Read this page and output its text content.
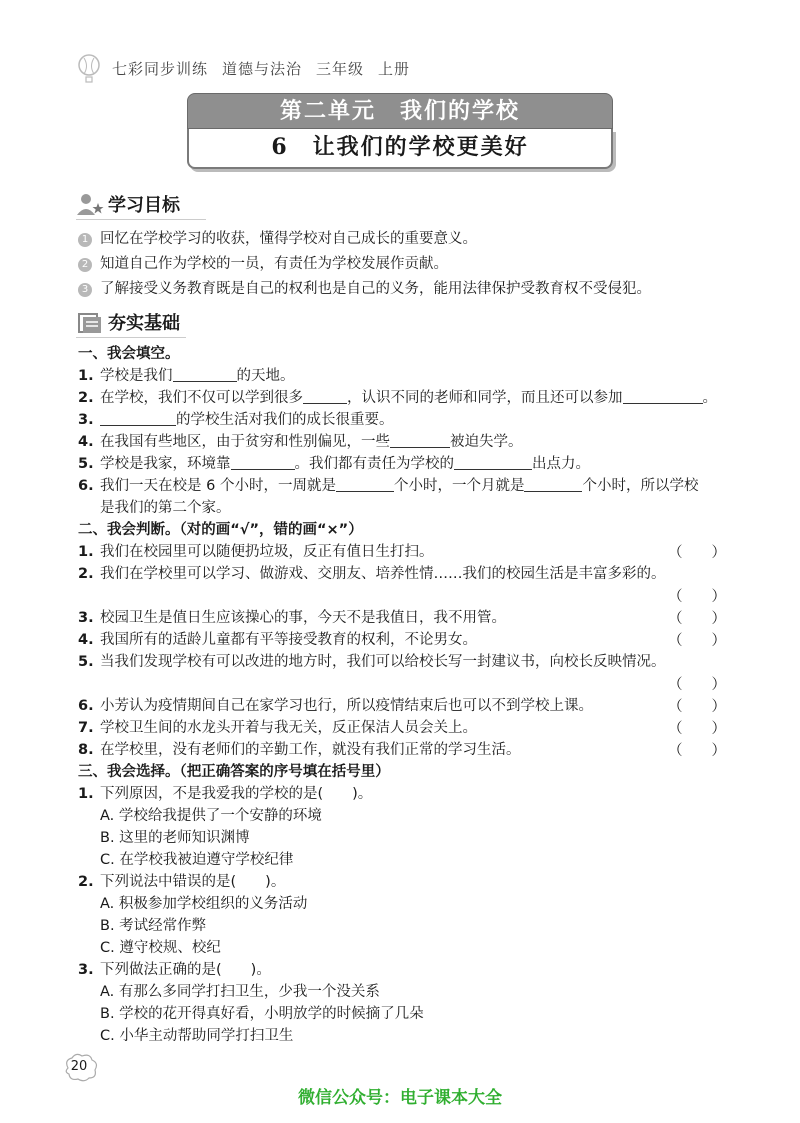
七彩同步训练 道德与法治 三年级 上册
第二单元　我们的学校
6　让我们的学校更美好
学习目标
1 回忆在学校学习的收获，懂得学校对自己成长的重要意义。
2 知道自己作为学校的一员，有责任为学校发展作贡献。
3 了解接受义务教育既是自己的权利也是自己的义务，能用法律保护受教育权不受侵犯。
夯实基础
一、我会填空。
1. 学校是我们	的天地。
2. 在学校，我们不仅可以学到很多	，认识不同的老师和同学，而且还可以参加	。
3.	的学校生活对我们的成长很重要。
4. 在我国有些地区，由于贫穷和性别偏见，一些	被迫失学。
5. 学校是我家，环境靠	。我们都有责任为学校的	出点力。
6. 我们一天在校是 6 个小时，一周就是	个小时，一个月就是	个小时，所以学校
是我们的第二个家。
二、我会判断。（对的画“√”，错的画“×”）
1. 我们在校园里可以随便扔垃圾，反正有值日生打扫。	（　　）
2. 我们在学校里可以学习、做游戏、交朋友、培养性情……我们的校园生活是丰富多彩的。
（　　）
3. 校园卫生是值日生应该操心的事，今天不是我值日，我不用管。	（　　）
4. 我国所有的适龄儿童都有平等接受教育的权利，不论男女。	（　　）
5. 当我们发现学校有可以改进的地方时，我们可以给校长写一封建议书，向校长反映情况。
（　　）
6. 小芳认为疫情期间自己在家学习也行，所以疫情结束后也可以不到学校上课。	（　　）
7. 学校卫生间的水龙头开着与我无关，反正保洁人员会关上。	（　　）
8. 在学校里，没有老师们的辛勤工作，就没有我们正常的学习生活。	（　　）
三、我会选择。（把正确答案的序号填在括号里）
1. 下列原因，不是我爱我的学校的是(　　)。
A. 学校给我提供了一个安静的环境
B. 这里的老师知识渊博
C. 在学校我被迫遵守学校纪律
2. 下列说法中错误的是(　　)。
A. 积极参加学校组织的义务活动
B. 考试经常作弊
C. 遵守校规、校纪
3. 下列做法正确的是(　　)。
A. 有那么多同学打扫卫生，少我一个没关系
B. 学校的花开得真好看，小明放学的时候摘了几朵
C. 小华主动帮助同学打扫卫生
20
微信公众号：电子课本大全
